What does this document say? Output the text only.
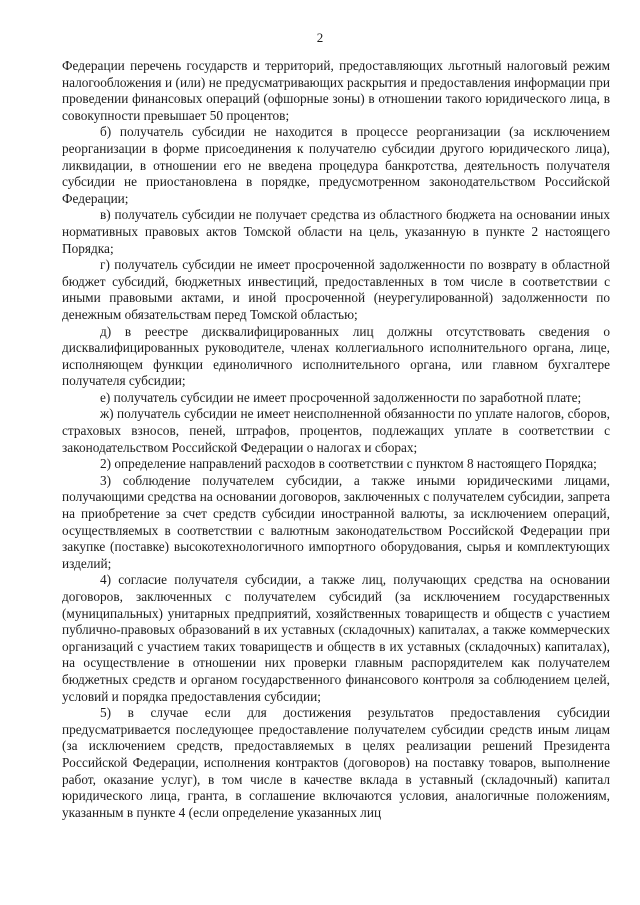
2

Федерации перечень государств и территорий, предоставляющих льготный налоговый режим налогообложения и (или) не предусматривающих раскрытия и предоставления информации при проведении финансовых операций (офшорные зоны) в отношении такого юридического лица, в совокупности превышает 50 процентов;

б) получатель субсидии не находится в процессе реорганизации (за исключением реорганизации в форме присоединения к получателю субсидии другого юридического лица), ликвидации, в отношении его не введена процедура банкротства, деятельность получателя субсидии не приостановлена в порядке, предусмотренном законодательством Российской Федерации;

в) получатель субсидии не получает средства из областного бюджета на основании иных нормативных правовых актов Томской области на цель, указанную в пункте 2 настоящего Порядка;

г) получатель субсидии не имеет просроченной задолженности по возврату в областной бюджет субсидий, бюджетных инвестиций, предоставленных в том числе в соответствии с иными правовыми актами, и иной просроченной (неурегулированной) задолженности по денежным обязательствам перед Томской областью;

д) в реестре дисквалифицированных лиц должны отсутствовать сведения о дисквалифицированных руководителе, членах коллегиального исполнительного органа, лице, исполняющем функции единоличного исполнительного органа, или главном бухгалтере получателя субсидии;

е) получатель субсидии не имеет просроченной задолженности по заработной плате;

ж) получатель субсидии не имеет неисполненной обязанности по уплате налогов, сборов, страховых взносов, пеней, штрафов, процентов, подлежащих уплате в соответствии с законодательством Российской Федерации о налогах и сборах;

2) определение направлений расходов в соответствии с пунктом 8 настоящего Порядка;

3) соблюдение получателем субсидии, а также иными юридическими лицами, получающими средства на основании договоров, заключенных с получателем субсидии, запрета на приобретение за счет средств субсидии иностранной валюты, за исключением операций, осуществляемых в соответствии с валютным законодательством Российской Федерации при закупке (поставке) высокотехнологичного импортного оборудования, сырья и комплектующих изделий;

4) согласие получателя субсидии, а также лиц, получающих средства на основании договоров, заключенных с получателем субсидий (за исключением государственных (муниципальных) унитарных предприятий, хозяйственных товариществ и обществ с участием публично-правовых образований в их уставных (складочных) капиталах, а также коммерческих организаций с участием таких товариществ и обществ в их уставных (складочных) капиталах), на осуществление в отношении них проверки главным распорядителем как получателем бюджетных средств и органом государственного финансового контроля за соблюдением целей, условий и порядка предоставления субсидии;

5) в случае если для достижения результатов предоставления субсидии предусматривается последующее предоставление получателем субсидии средств иным лицам (за исключением средств, предоставляемых в целях реализации решений Президента Российской Федерации, исполнения контрактов (договоров) на поставку товаров, выполнение работ, оказание услуг), в том числе в качестве вклада в уставный (складочный) капитал юридического лица, гранта, в соглашение включаются условия, аналогичные положениям, указанным в пункте 4 (если определение указанных лиц
